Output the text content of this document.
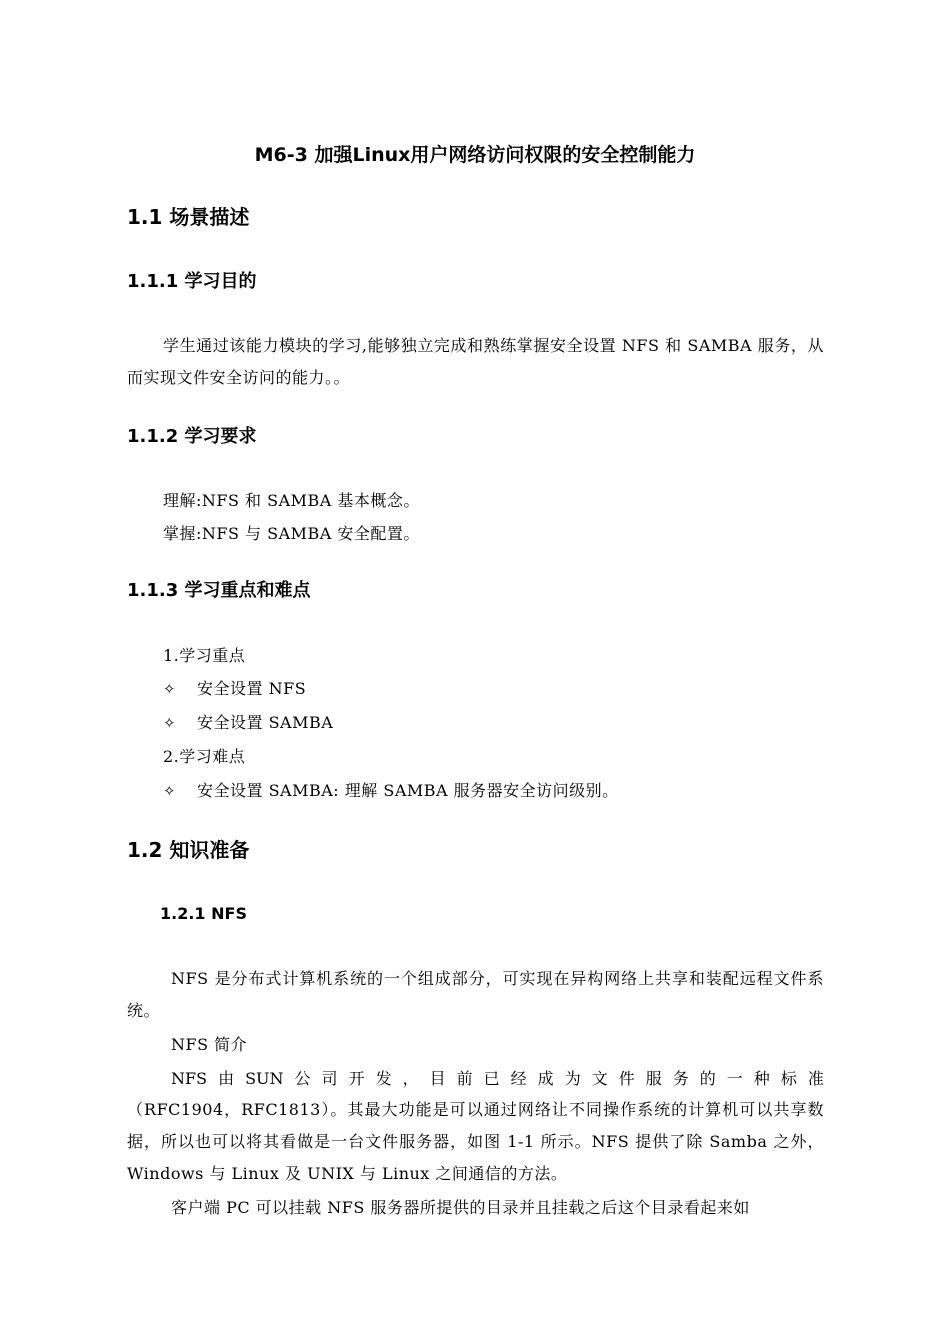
M6-3 加强Linux用户网络访问权限的安全控制能力
1.1 场景描述
1.1.1 学习目的
学生通过该能力模块的学习,能够独立完成和熟练掌握安全设置 NFS 和 SAMBA 服务，从而实现文件安全访问的能力。。
1.1.2 学习要求
理解:NFS 和 SAMBA 基本概念。
掌握:NFS 与 SAMBA 安全配置。
1.1.3 学习重点和难点
1.学习重点
✧ 安全设置 NFS
✧ 安全设置 SAMBA
2.学习难点
✧ 安全设置 SAMBA: 理解 SAMBA 服务器安全访问级别。
1.2 知识准备
1.2.1 NFS
NFS 是分布式计算机系统的一个组成部分，可实现在异构网络上共享和装配远程文件系统。
NFS 简介
NFS 由 SUN 公 司 开 发 ， 目 前 已 经 成 为 文 件 服 务 的 一 种 标 准
（RFC1904，RFC1813）。其最大功能是可以通过网络让不同操作系统的计算机可以共享数据，所以也可以将其看做是一台文件服务器，如图 1-1 所示。NFS 提供了除 Samba 之外，Windows 与 Linux 及 UNIX 与 Linux 之间通信的方法。
客户端 PC 可以挂载 NFS 服务器所提供的目录并且挂载之后这个目录看起来如
